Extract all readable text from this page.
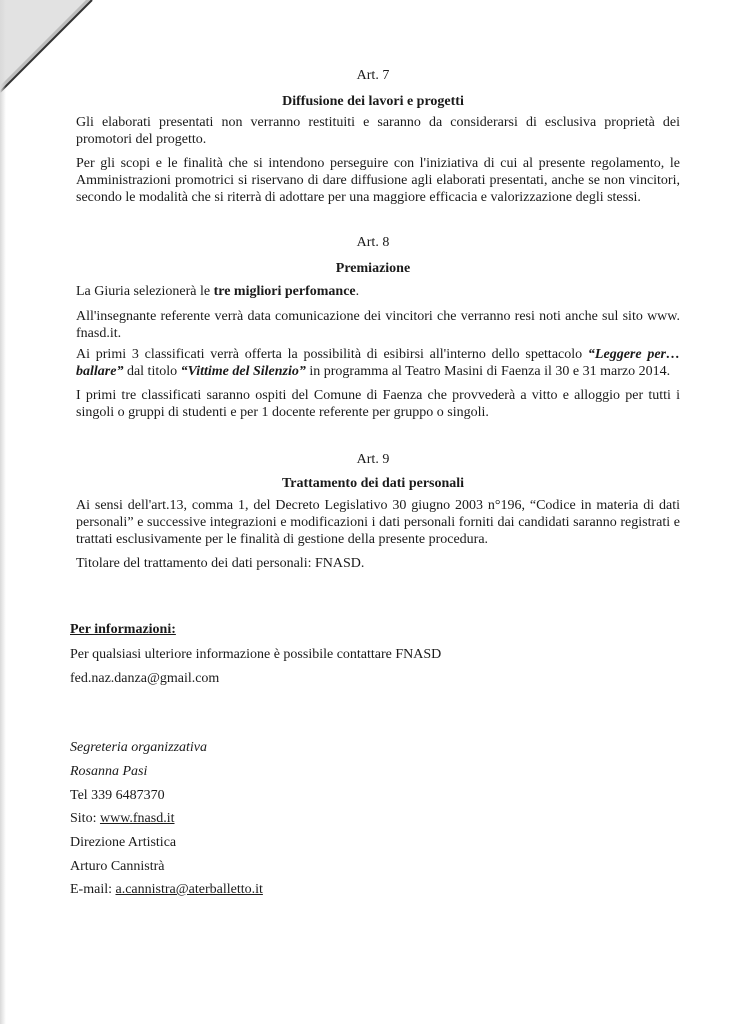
Art. 7
Diffusione dei lavori e progetti

Gli elaborati presentati non verranno restituiti e saranno da considerarsi di esclusiva proprietà dei promotori del progetto.

Per gli scopi e le finalità che si intendono perseguire con l'iniziativa di cui al presente regolamento, le Amministrazioni promotrici si riservano di dare diffusione agli elaborati presentati, anche se non vincitori, secondo le modalità che si riterrà di adottare per una maggiore efficacia e valorizzazione degli stessi.

Art. 8
Premiazione

La Giuria selezionerà le tre migliori perfomance.

All'insegnante referente verrà data comunicazione dei vincitori che verranno resi noti anche sul sito www. fnasd.it.

Ai primi 3 classificati verrà offerta la possibilità di esibirsi all'interno dello spettacolo “Leggere per…ballare” dal titolo “Vittime del Silenzio” in programma al Teatro Masini di Faenza il 30 e 31 marzo 2014.

I primi tre classificati saranno ospiti del Comune di Faenza che provvederà a vitto e alloggio per tutti i singoli o gruppi di studenti e per 1 docente referente per gruppo o singoli.

Art. 9
Trattamento dei dati personali

Ai sensi dell'art.13, comma 1, del Decreto Legislativo 30 giugno 2003 n°196, “Codice in materia di dati personali” e successive integrazioni e modificazioni i dati personali forniti dai candidati saranno registrati e trattati esclusivamente per le finalità di gestione della presente procedura.

Titolare del trattamento dei dati personali: FNASD.

Per informazioni:

Per qualsiasi ulteriore informazione è possibile contattare FNASD

fed.naz.danza@gmail.com

Segreteria organizzativa

Rosanna Pasi

Tel 339 6487370

Sito: www.fnasd.it

Direzione Artistica

Arturo Cannistrà

E-mail: a.cannistra@aterballetto.it
